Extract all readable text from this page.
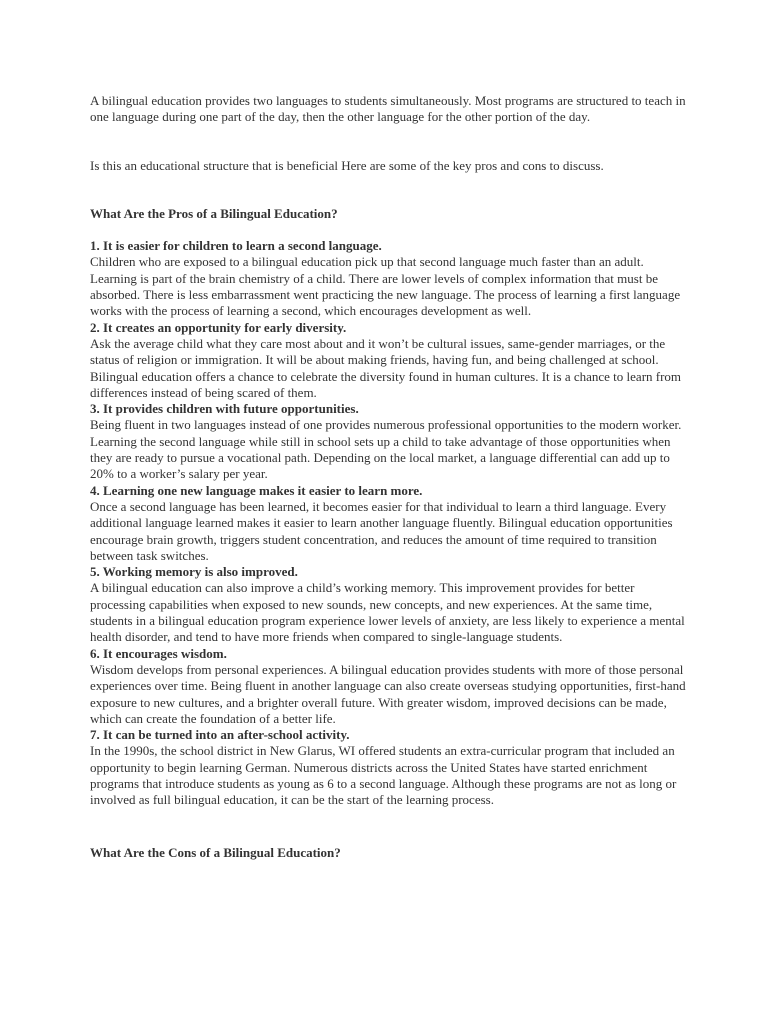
A bilingual education provides two languages to students simultaneously. Most programs are structured to teach in one language during one part of the day, then the other language for the other portion of the day.

Is this an educational structure that is beneficial Here are some of the key pros and cons to discuss.

What Are the Pros of a Bilingual Education?

1. It is easier for children to learn a second language.

Children who are exposed to a bilingual education pick up that second language much faster than an adult. Learning is part of the brain chemistry of a child. There are lower levels of complex information that must be absorbed. There is less embarrassment went practicing the new language. The process of learning a first language works with the process of learning a second, which encourages development as well.

2. It creates an opportunity for early diversity.

Ask the average child what they care most about and it won’t be cultural issues, same-gender marriages, or the status of religion or immigration. It will be about making friends, having fun, and being challenged at school. Bilingual education offers a chance to celebrate the diversity found in human cultures. It is a chance to learn from differences instead of being scared of them.

3. It provides children with future opportunities.

Being fluent in two languages instead of one provides numerous professional opportunities to the modern worker. Learning the second language while still in school sets up a child to take advantage of those opportunities when they are ready to pursue a vocational path. Depending on the local market, a language differential can add up to 20% to a worker’s salary per year.

4. Learning one new language makes it easier to learn more.

Once a second language has been learned, it becomes easier for that individual to learn a third language. Every additional language learned makes it easier to learn another language fluently. Bilingual education opportunities encourage brain growth, triggers student concentration, and reduces the amount of time required to transition between task switches.

5. Working memory is also improved.

A bilingual education can also improve a child’s working memory. This improvement provides for better processing capabilities when exposed to new sounds, new concepts, and new experiences. At the same time, students in a bilingual education program experience lower levels of anxiety, are less likely to experience a mental health disorder, and tend to have more friends when compared to single-language students.

6. It encourages wisdom.

Wisdom develops from personal experiences. A bilingual education provides students with more of those personal experiences over time. Being fluent in another language can also create overseas studying opportunities, first-hand exposure to new cultures, and a brighter overall future. With greater wisdom, improved decisions can be made, which can create the foundation of a better life.

7. It can be turned into an after-school activity.

In the 1990s, the school district in New Glarus, WI offered students an extra-curricular program that included an opportunity to begin learning German. Numerous districts across the United States have started enrichment programs that introduce students as young as 6 to a second language. Although these programs are not as long or involved as full bilingual education, it can be the start of the learning process.

What Are the Cons of a Bilingual Education?
